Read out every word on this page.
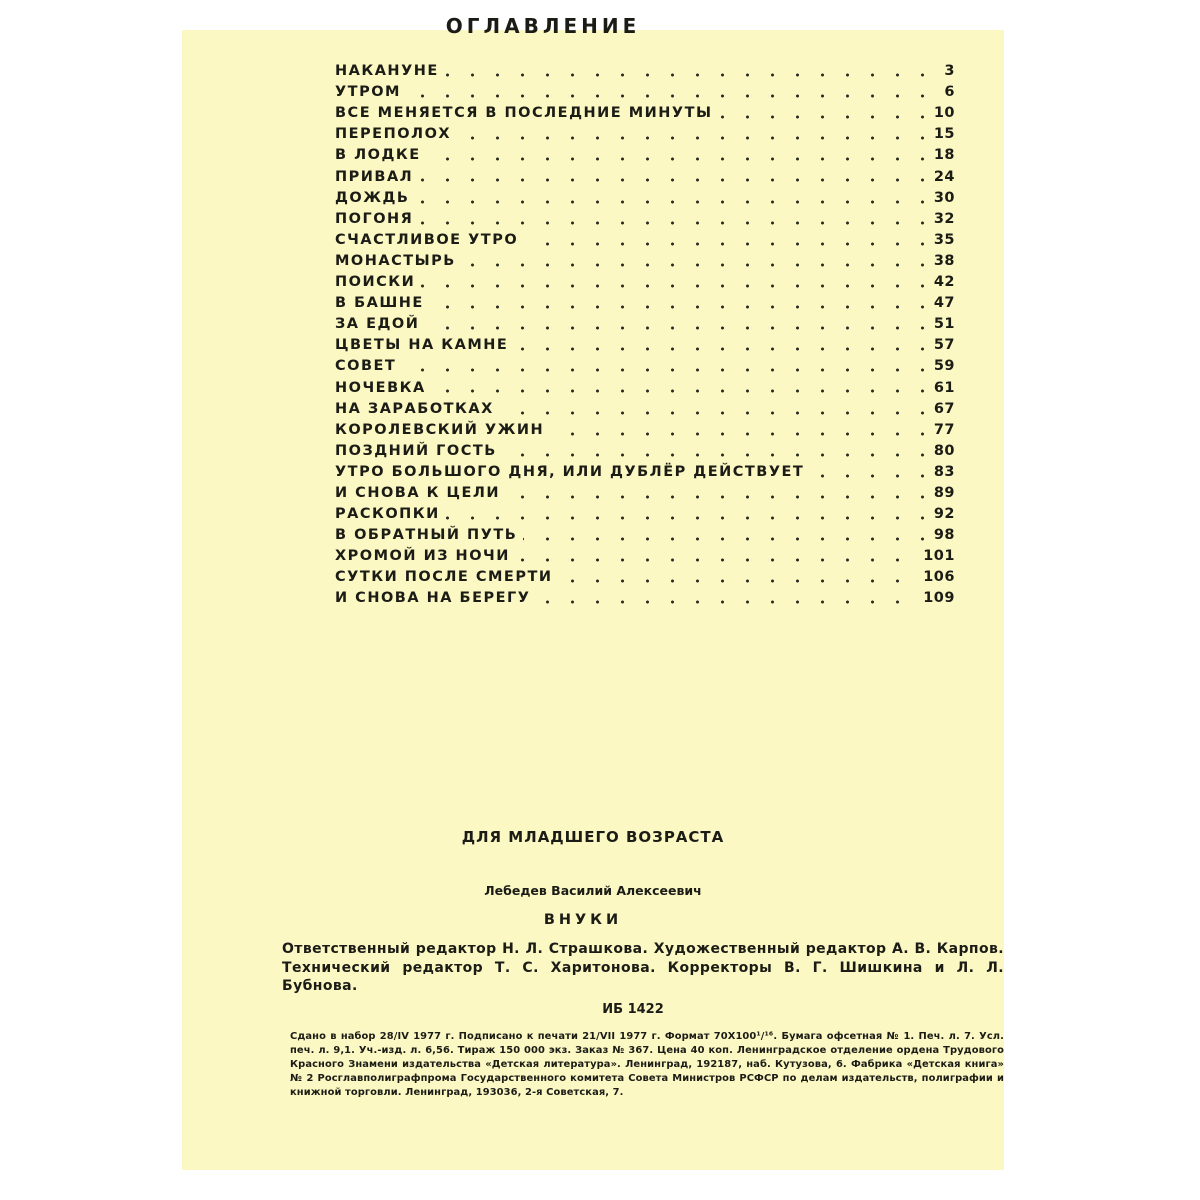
ОГЛАВЛЕНИЕ
НАКАНУНЕ	3
УТРОМ	6
ВСЕ МЕНЯЕТСЯ В ПОСЛЕДНИЕ МИНУТЫ	10
ПЕРЕПОЛОХ	15
В ЛОДКЕ	18
ПРИВАЛ	24
ДОЖДЬ	30
ПОГОНЯ	32
СЧАСТЛИВОЕ УТРО	35
МОНАСТЫРЬ	38
ПОИСКИ	42
В БАШНЕ	47
ЗА ЕДОЙ	51
ЦВЕТЫ НА КАМНЕ	57
СОВЕТ	59
НОЧЕВКА	61
НА ЗАРАБОТКАХ	67
КОРОЛЕВСКИЙ УЖИН	77
ПОЗДНИЙ ГОСТЬ	80
УТРО БОЛЬШОГО ДНЯ, ИЛИ ДУБЛЁР ДЕЙСТВУЕТ	83
И СНОВА К ЦЕЛИ	89
РАСКОПКИ	92
В ОБРАТНЫЙ ПУТЬ	98
ХРОМОЙ ИЗ НОЧИ	101
СУТКИ ПОСЛЕ СМЕРТИ	106
И СНОВА НА БЕРЕГУ	109
ДЛЯ МЛАДШЕГО ВОЗРАСТА
Лебедев Василий Алексеевич
ВНУКИ

Ответственный редактор Н. Л. Страшкова. Художественный редактор А. В. Карпов. Технический редактор Т. С. Харитонова. Корректоры В. Г. Шишкина и Л. Л. Бубнова.

ИБ 1422

Сдано в набор 28/IV 1977 г. Подписано к печати 21/VII 1977 г. Формат 70Х100¹/¹⁶. Бумага офсетная № 1. Печ. л. 7. Усл. печ. л. 9,1. Уч.-изд. л. 6,56. Тираж 150 000 экз. Заказ № 367. Цена 40 коп. Ленинградское отделение ордена Трудового Красного Знамени издательства «Детская литература». Ленинград, 192187, наб. Кутузова, 6. Фабрика «Детская книга» № 2 Росглавполиграфпрома Государственного комитета Совета Министров РСФСР по делам издательств, полиграфии и книжной торговли. Ленинград, 193036, 2-я Советская, 7.
